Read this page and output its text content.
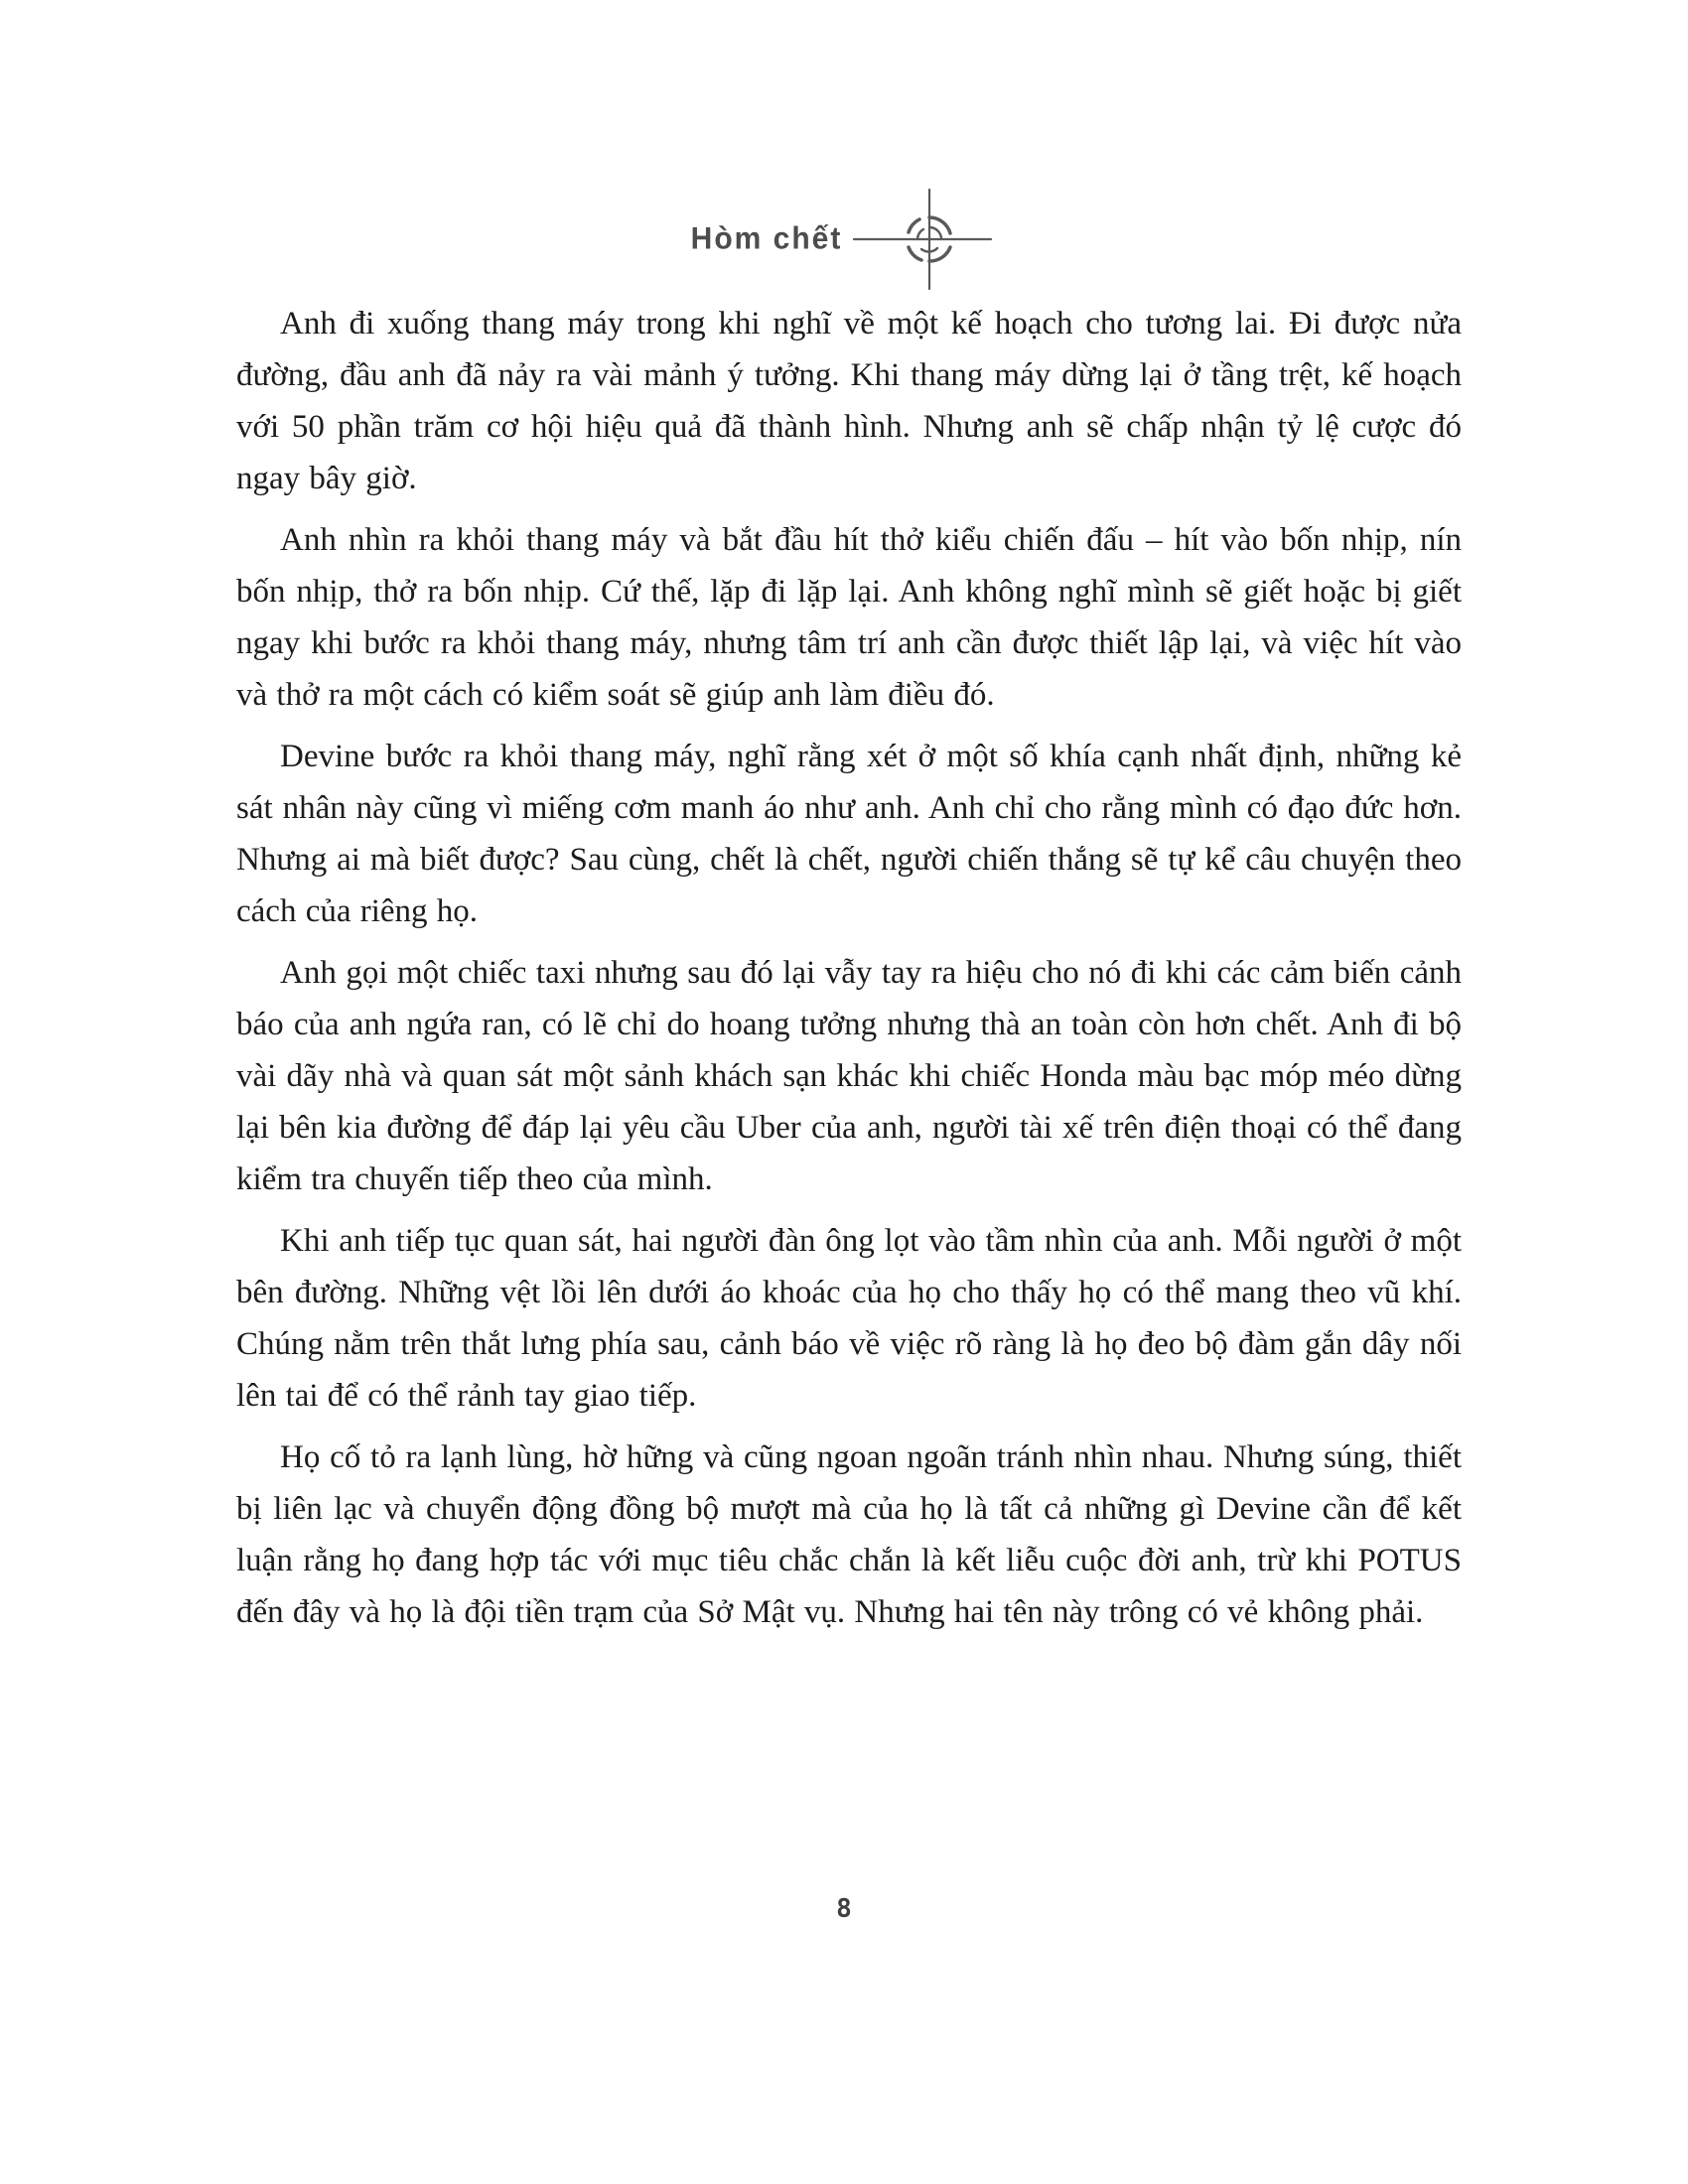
Hòm chết

Anh đi xuống thang máy trong khi nghĩ về một kế hoạch cho tương lai. Đi được nửa đường, đầu anh đã nảy ra vài mảnh ý tưởng. Khi thang máy dừng lại ở tầng trệt, kế hoạch với 50 phần trăm cơ hội hiệu quả đã thành hình. Nhưng anh sẽ chấp nhận tỷ lệ cược đó ngay bây giờ.

Anh nhìn ra khỏi thang máy và bắt đầu hít thở kiểu chiến đấu – hít vào bốn nhịp, nín bốn nhịp, thở ra bốn nhịp. Cứ thế, lặp đi lặp lại. Anh không nghĩ mình sẽ giết hoặc bị giết ngay khi bước ra khỏi thang máy, nhưng tâm trí anh cần được thiết lập lại, và việc hít vào và thở ra một cách có kiểm soát sẽ giúp anh làm điều đó.

Devine bước ra khỏi thang máy, nghĩ rằng xét ở một số khía cạnh nhất định, những kẻ sát nhân này cũng vì miếng cơm manh áo như anh. Anh chỉ cho rằng mình có đạo đức hơn. Nhưng ai mà biết được? Sau cùng, chết là chết, người chiến thắng sẽ tự kể câu chuyện theo cách của riêng họ.

Anh gọi một chiếc taxi nhưng sau đó lại vẫy tay ra hiệu cho nó đi khi các cảm biến cảnh báo của anh ngứa ran, có lẽ chỉ do hoang tưởng nhưng thà an toàn còn hơn chết. Anh đi bộ vài dãy nhà và quan sát một sảnh khách sạn khác khi chiếc Honda màu bạc móp méo dừng lại bên kia đường để đáp lại yêu cầu Uber của anh, người tài xế trên điện thoại có thể đang kiểm tra chuyến tiếp theo của mình.

Khi anh tiếp tục quan sát, hai người đàn ông lọt vào tầm nhìn của anh. Mỗi người ở một bên đường. Những vệt lồi lên dưới áo khoác của họ cho thấy họ có thể mang theo vũ khí. Chúng nằm trên thắt lưng phía sau, cảnh báo về việc rõ ràng là họ đeo bộ đàm gắn dây nối lên tai để có thể rảnh tay giao tiếp.

Họ cố tỏ ra lạnh lùng, hờ hững và cũng ngoan ngoãn tránh nhìn nhau. Nhưng súng, thiết bị liên lạc và chuyển động đồng bộ mượt mà của họ là tất cả những gì Devine cần để kết luận rằng họ đang hợp tác với mục tiêu chắc chắn là kết liễu cuộc đời anh, trừ khi POTUS đến đây và họ là đội tiền trạm của Sở Mật vụ. Nhưng hai tên này trông có vẻ không phải.

8
